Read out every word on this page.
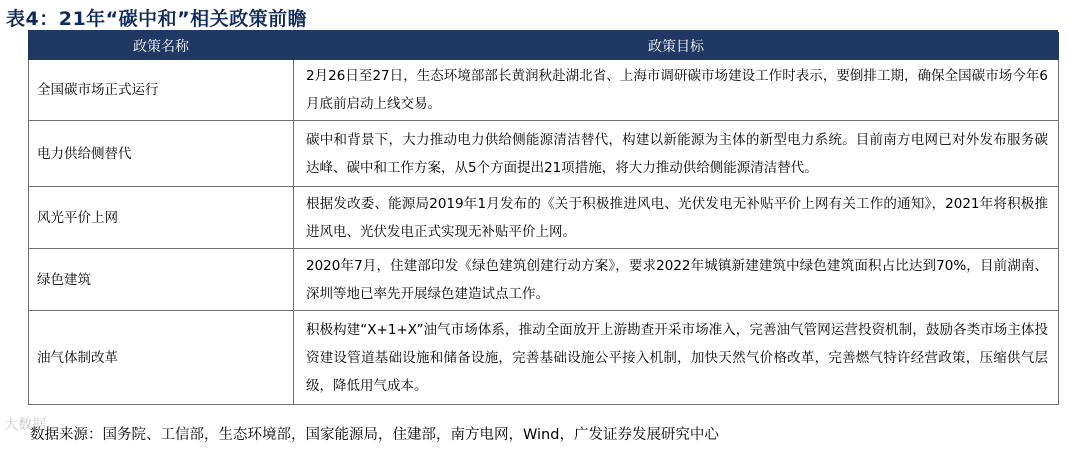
表4：21年“碳中和”相关政策前瞻
政策名称	政策目标
全国碳市场正式运行	2月26日至27日，生态环境部部长黄润秋赴湖北省、上海市调研碳市场建设工作时表示，要倒排工期，确保全国碳市场今年6月底前启动上线交易。
电力供给侧替代	碳中和背景下，大力推动电力供给侧能源清洁替代，构建以新能源为主体的新型电力系统。目前南方电网已对外发布服务碳达峰、碳中和工作方案，从5个方面提出21项措施，将大力推动供给侧能源清洁替代。
风光平价上网	根据发改委、能源局2019年1月发布的《关于积极推进风电、光伏发电无补贴平价上网有关工作的通知》，2021年将积极推进风电、光伏发电正式实现无补贴平价上网。
绿色建筑	2020年7月，住建部印发《绿色建筑创建行动方案》，要求2022年城镇新建建筑中绿色建筑面积占比达到70%，目前湖南、深圳等地已率先开展绿色建造试点工作。
油气体制改革	积极构建“X+1+X”油气市场体系，推动全面放开上游勘查开采市场准入，完善油气管网运营投资机制，鼓励各类市场主体投资建设管道基础设施和储备设施，完善基础设施公平接入机制，加快天然气价格改革，完善燃气特许经营政策，压缩供气层级，降低用气成本。
数据来源：国务院、工信部，生态环境部，国家能源局，住建部，南方电网，Wind，广发证券发展研究中心
大数据...
